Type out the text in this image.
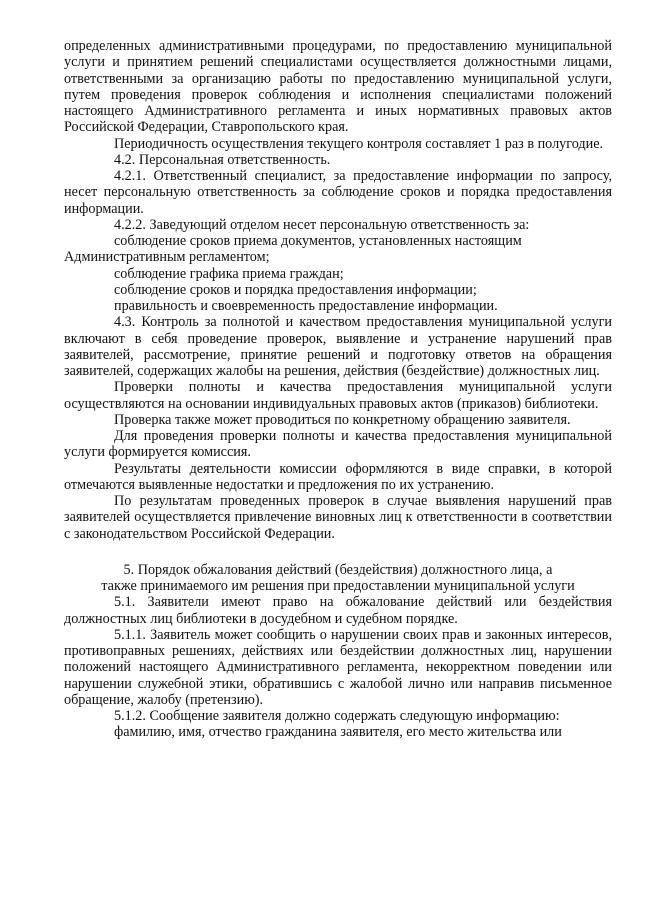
определенных административными процедурами, по предоставлению муниципальной услуги и принятием решений специалистами осуществляется должностными лицами, ответственными за организацию работы по предоставлению муниципальной услуги, путем проведения проверок соблюдения и исполнения специалистами положений настоящего Административного регламента и иных нормативных правовых актов Российской Федерации, Ставропольского края.

Периодичность осуществления текущего контроля составляет 1 раз в полугодие.

4.2. Персональная ответственность.

4.2.1. Ответственный специалист, за предоставление информации по запросу, несет персональную ответственность за соблюдение сроков и порядка предоставления информации.

4.2.2. Заведующий отделом несет персональную ответственность за:

соблюдение сроков приема документов, установленных настоящим

Административным регламентом;

соблюдение графика приема граждан;

соблюдение сроков и порядка предоставления информации;

правильность и своевременность предоставление информации.

4.3. Контроль за полнотой и качеством предоставления муниципальной услуги включают в себя проведение проверок, выявление и устранение нарушений прав заявителей, рассмотрение, принятие решений и подготовку ответов на обращения заявителей, содержащих жалобы на решения, действия (бездействие) должностных лиц.

Проверки полноты и качества предоставления муниципальной услуги осуществляются на основании индивидуальных правовых актов (приказов) библиотеки.

Проверка также может проводиться по конкретному обращению заявителя.

Для проведения проверки полноты и качества предоставления муниципальной услуги формируется комиссия.

Результаты деятельности комиссии оформляются в виде справки, в которой отмечаются выявленные недостатки и предложения по их устранению.

По результатам проведенных проверок в случае выявления нарушений прав заявителей осуществляется привлечение виновных лиц к ответственности в соответствии с законодательством Российской Федерации.

5. Порядок обжалования действий (бездействия) должностного лица, а
также принимаемого им решения при предоставлении муниципальной услуги

5.1. Заявители имеют право на обжалование действий или бездействия должностных лиц библиотеки в досудебном и судебном порядке.

5.1.1. Заявитель может сообщить о нарушении своих прав и законных интересов, противоправных решениях, действиях или бездействии должностных лиц, нарушении положений настоящего Административного регламента, некорректном поведении или нарушении служебной этики, обратившись с жалобой лично или направив письменное обращение, жалобу (претензию).

5.1.2. Сообщение заявителя должно содержать следующую информацию:

фамилию, имя, отчество гражданина заявителя, его место жительства или
